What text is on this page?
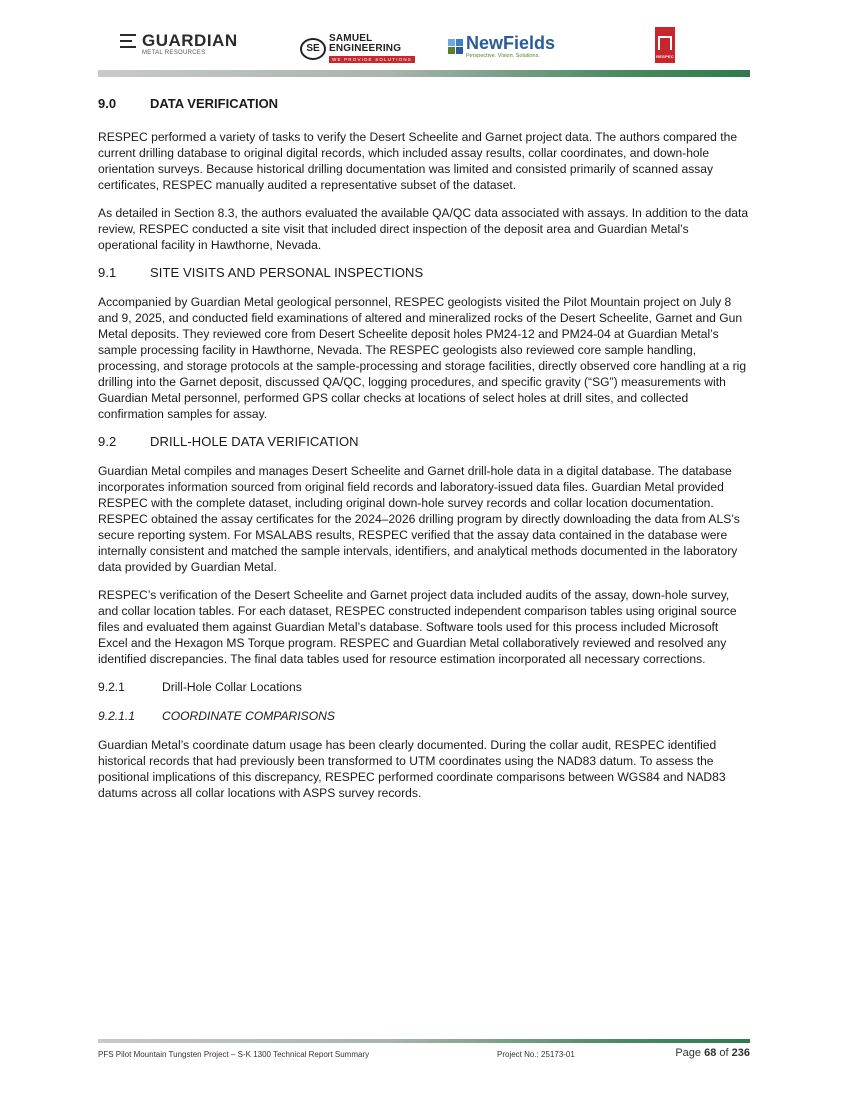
GUARDIAN
METAL RESOURCES	SE
SAMUEL
ENGINEERING
WE PROVIDE SOLUTIONS
NewFields
Perspective. Vision. Solutions.	RESPEC
9.0	DATA VERIFICATION

RESPEC performed a variety of tasks to verify the Desert Scheelite and Garnet project data. The authors compared the current drilling database to original digital records, which included assay results, collar coordinates, and down-hole orientation surveys. Because historical drilling documentation was limited and consisted primarily of scanned assay certificates, RESPEC manually audited a representative subset of the dataset.

As detailed in Section 8.3, the authors evaluated the available QA/QC data associated with assays. In addition to the data review, RESPEC conducted a site visit that included direct inspection of the deposit area and Guardian Metal’s operational facility in Hawthorne, Nevada.

9.1	SITE VISITS AND PERSONAL INSPECTIONS

Accompanied by Guardian Metal geological personnel, RESPEC geologists visited the Pilot Mountain project on July 8 and 9, 2025, and conducted field examinations of altered and mineralized rocks of the Desert Scheelite, Garnet and Gun Metal deposits. They reviewed core from Desert Scheelite deposit holes PM24-12 and PM24-04 at Guardian Metal’s sample processing facility in Hawthorne, Nevada. The RESPEC geologists also reviewed core sample handling, processing, and storage protocols at the sample-processing and storage facilities, directly observed core handling at a rig drilling into the Garnet deposit, discussed QA/QC, logging procedures, and specific gravity (“SG”) measurements with Guardian Metal personnel, performed GPS collar checks at locations of select holes at drill sites, and collected confirmation samples for assay.

9.2	DRILL-HOLE DATA VERIFICATION

Guardian Metal compiles and manages Desert Scheelite and Garnet drill-hole data in a digital database. The database incorporates information sourced from original field records and laboratory-issued data files. Guardian Metal provided RESPEC with the complete dataset, including original down-hole survey records and collar location documentation. RESPEC obtained the assay certificates for the 2024–2026 drilling program by directly downloading the data from ALS’s secure reporting system. For MSALABS results, RESPEC verified that the assay data contained in the database were internally consistent and matched the sample intervals, identifiers, and analytical methods documented in the laboratory data provided by Guardian Metal.

RESPEC’s verification of the Desert Scheelite and Garnet project data included audits of the assay, down-hole survey, and collar location tables. For each dataset, RESPEC constructed independent comparison tables using original source files and evaluated them against Guardian Metal’s database. Software tools used for this process included Microsoft Excel and the Hexagon MS Torque program. RESPEC and Guardian Metal collaboratively reviewed and resolved any identified discrepancies. The final data tables used for resource estimation incorporated all necessary corrections.

9.2.1	Drill-Hole Collar Locations
9.2.1.1	COORDINATE COMPARISONS

Guardian Metal’s coordinate datum usage has been clearly documented. During the collar audit, RESPEC identified historical records that had previously been transformed to UTM coordinates using the NAD83 datum. To assess the positional implications of this discrepancy, RESPEC performed coordinate comparisons between WGS84 and NAD83 datums across all collar locations with ASPS survey records.

PFS Pilot Mountain Tungsten Project – S-K 1300 Technical Report Summary	Project No.: 25173-01	Page 68 of 236
